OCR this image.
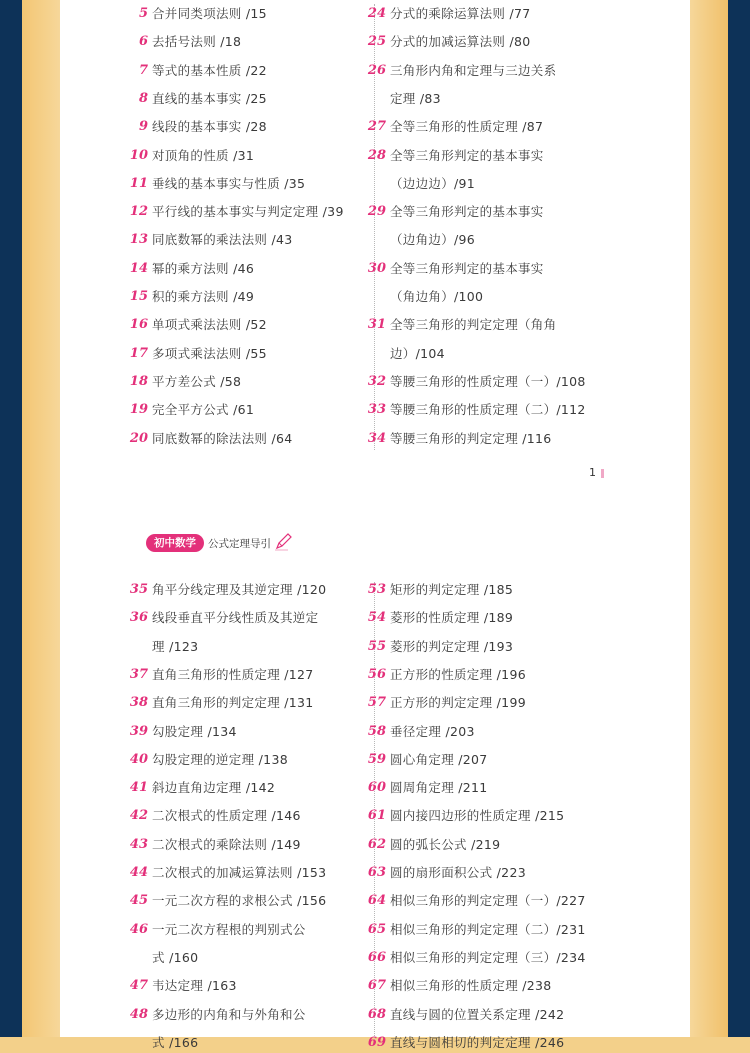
5 合并同类项法则 /15
6 去括号法则 /18
7 等式的基本性质 /22
8 直线的基本事实 /25
9 线段的基本事实 /28
10 对顶角的性质 /31
11 垂线的基本事实与性质 /35
12 平行线的基本事实与判定定理 /39
13 同底数幂的乘法法则 /43
14 幂的乘方法则 /46
15 积的乘方法则 /49
16 单项式乘法法则 /52
17 多项式乘法法则 /55
18 平方差公式 /58
19 完全平方公式 /61
20 同底数幂的除法法则 /64
24 分式的乘除运算法则 /77
25 分式的加减运算法则 /80
26 三角形内角和定理与三边关系
定理 /83
27 全等三角形的性质定理 /87
28 全等三角形判定的基本事实
（边边边）/91
29 全等三角形判定的基本事实
（边角边）/96
30 全等三角形判定的基本事实
（角边角）/100
31 全等三角形的判定定理（角角
边）/104
32 等腰三角形的性质定理（一）/108
33 等腰三角形的性质定理（二）/112
34 等腰三角形的判定定理 /116
1
初中数学	公式定理导引
35 角平分线定理及其逆定理 /120
36 线段垂直平分线性质及其逆定
理 /123
37 直角三角形的性质定理 /127
38 直角三角形的判定定理 /131
39 勾股定理 /134
40 勾股定理的逆定理 /138
41 斜边直角边定理 /142
42 二次根式的性质定理 /146
43 二次根式的乘除法则 /149
44 二次根式的加减运算法则 /153
45 一元二次方程的求根公式 /156
46 一元二次方程根的判别式公
式 /160
47 韦达定理 /163
48 多边形的内角和与外角和公
式 /166
53 矩形的判定定理 /185
54 菱形的性质定理 /189
55 菱形的判定定理 /193
56 正方形的性质定理 /196
57 正方形的判定定理 /199
58 垂径定理 /203
59 圆心角定理 /207
60 圆周角定理 /211
61 圆内接四边形的性质定理 /215
62 圆的弧长公式 /219
63 圆的扇形面积公式 /223
64 相似三角形的判定定理（一）/227
65 相似三角形的判定定理（二）/231
66 相似三角形的判定定理（三）/234
67 相似三角形的性质定理 /238
68 直线与圆的位置关系定理 /242
69 直线与圆相切的判定定理 /246
